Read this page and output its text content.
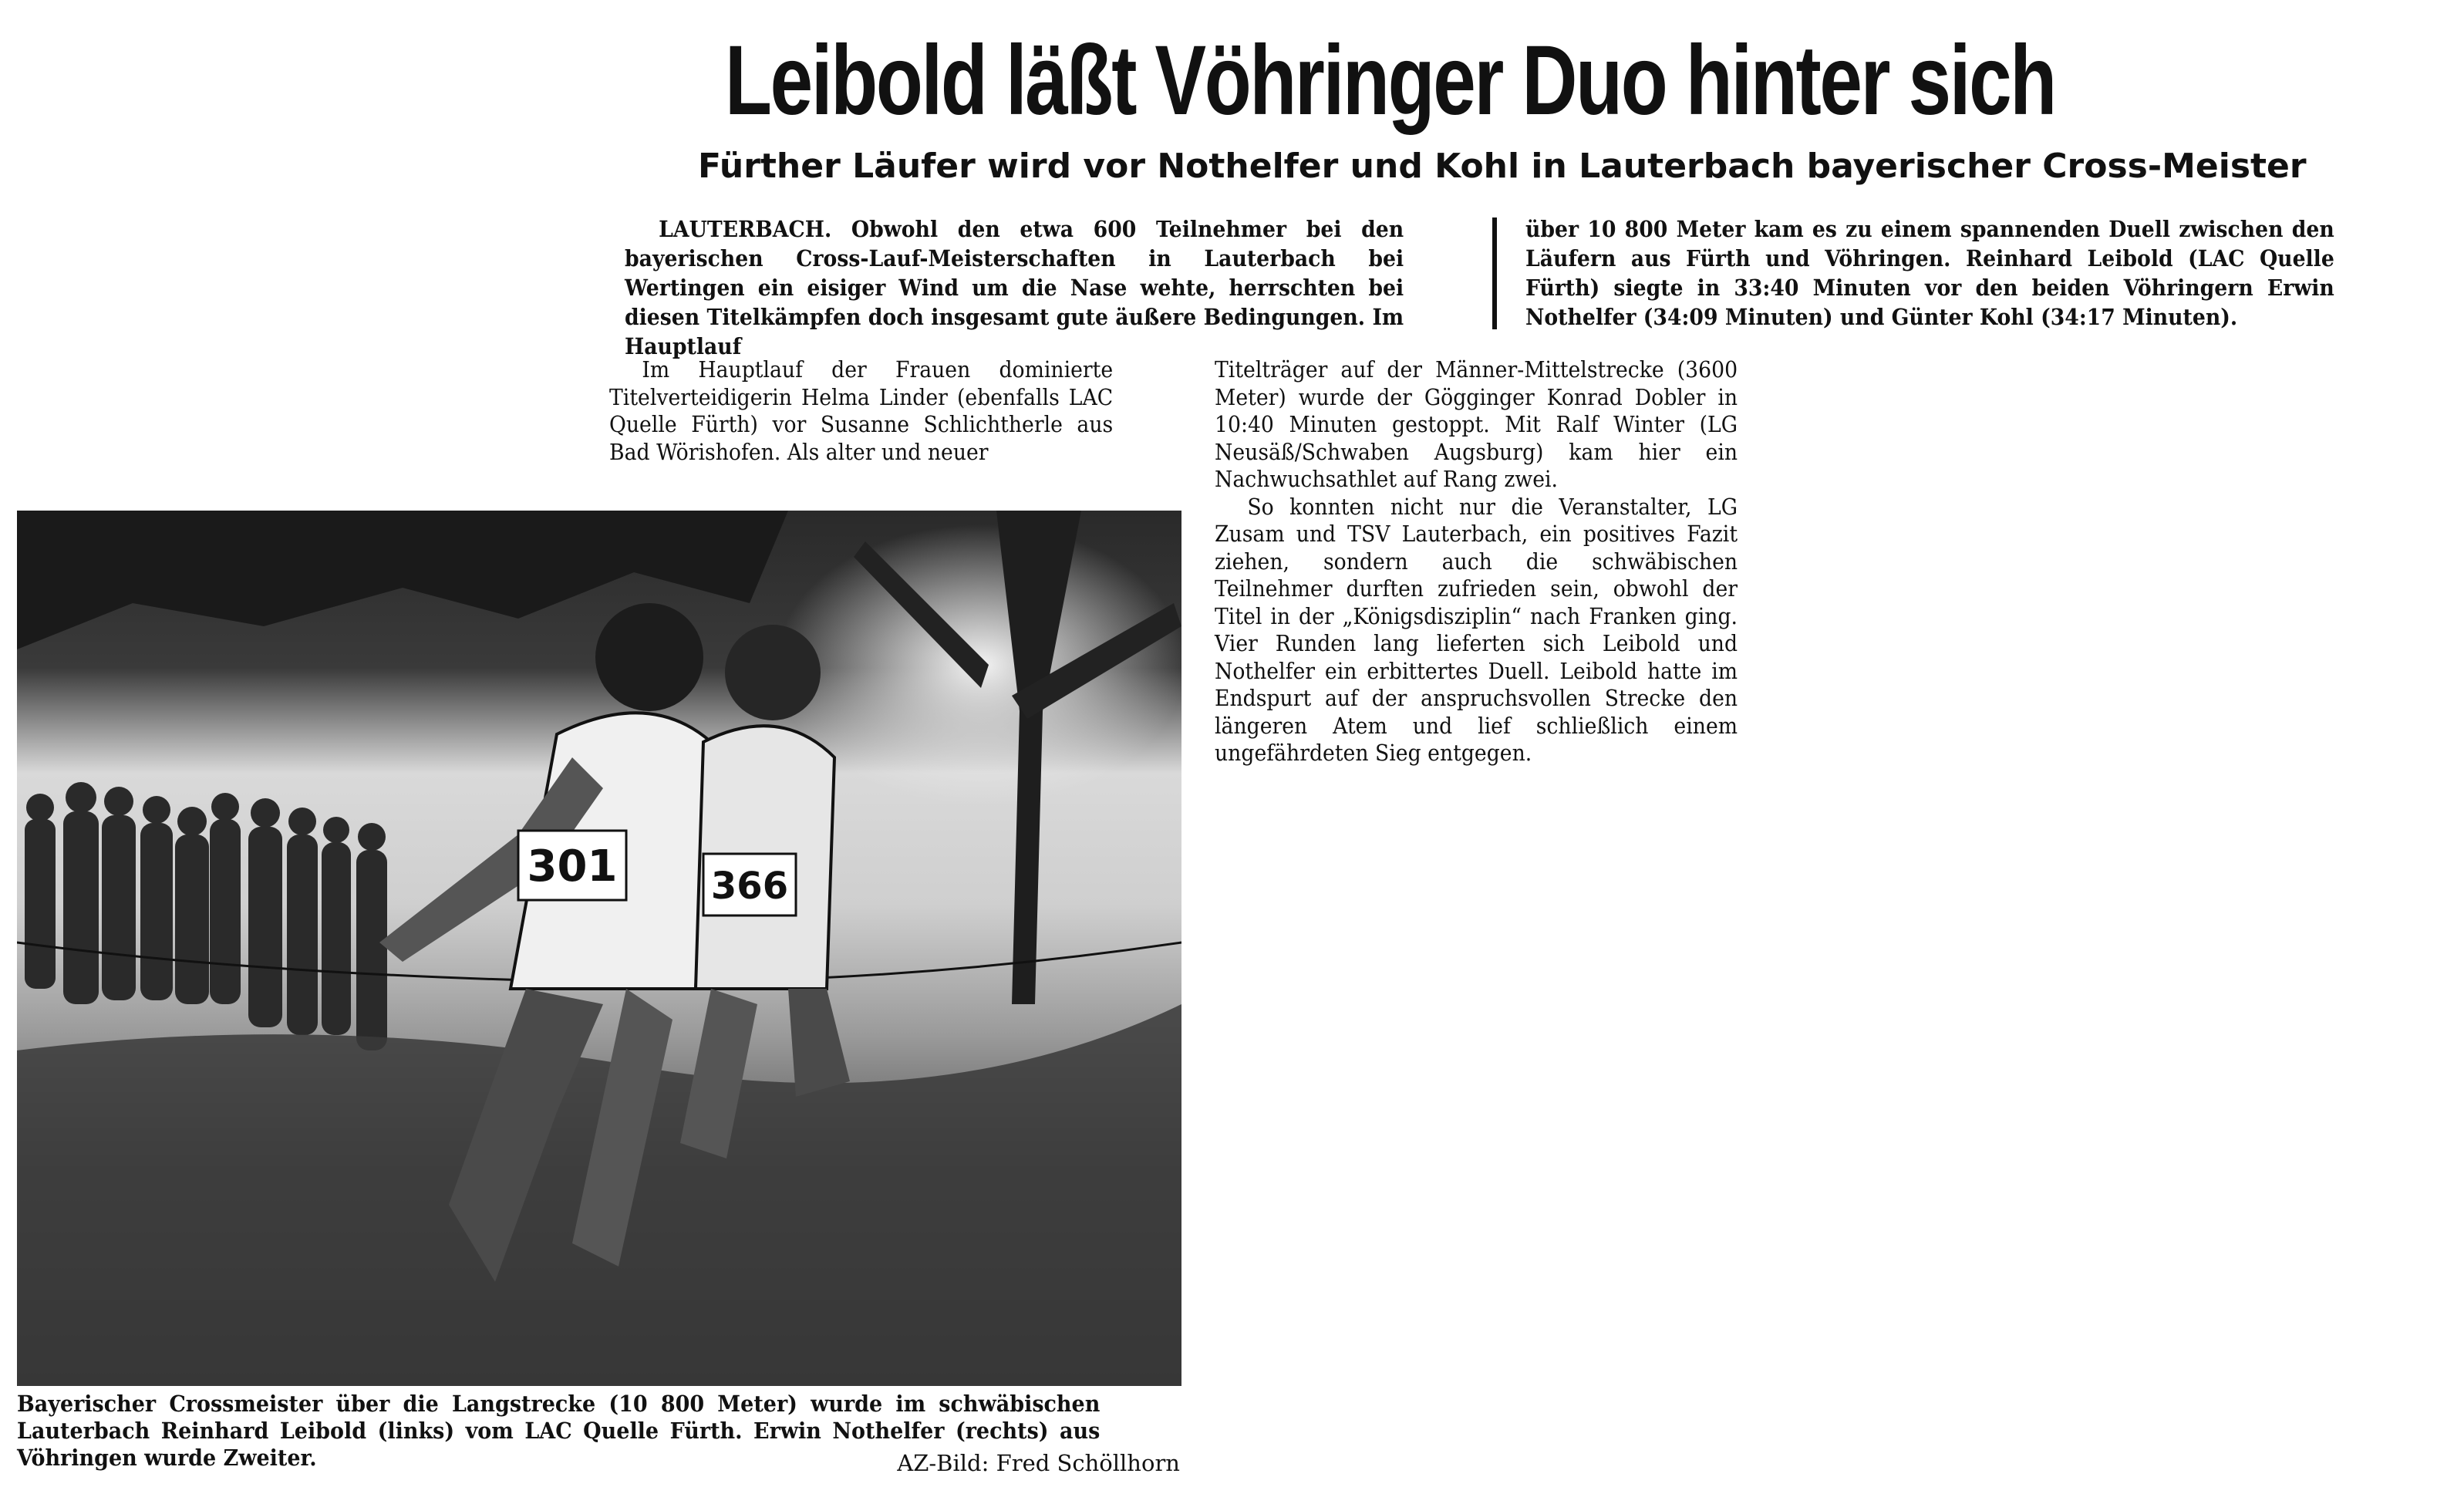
Leibold läßt Vöhringer Duo hinter sich
Fürther Läufer wird vor Nothelfer und Kohl in Lauterbach bayerischer Cross-Meister
LAUTERBACH. Obwohl den etwa 600 Teilnehmer bei den bayerischen Cross-Lauf-Meisterschaften in Lauterbach bei Wertingen ein eisiger Wind um die Nase wehte, herrschten bei diesen Titelkämpfen doch insgesamt gute äußere Bedingungen. Im Hauptlauf
über 10 800 Meter kam es zu einem spannenden Duell zwischen den Läufern aus Fürth und Vöhringen. Reinhard Leibold (LAC Quelle Fürth) siegte in 33:40 Minuten vor den beiden Vöhringern Erwin Nothelfer (34:09 Minuten) und Günter Kohl (34:17 Minuten).

Im Hauptlauf der Frauen dominierte Titelverteidigerin Helma Linder (ebenfalls LAC Quelle Fürth) vor Susanne Schlichtherle aus Bad Wörishofen. Als alter und neuer

Titelträger auf der Männer-Mittelstrecke (3600 Meter) wurde der Gögginger Konrad Dobler in 10:40 Minuten gestoppt. Mit Ralf Winter (LG Neusäß/Schwaben Augsburg) kam hier ein Nachwuchsathlet auf Rang zwei.

So konnten nicht nur die Veranstalter, LG Zusam und TSV Lauterbach, ein positives Fazit ziehen, sondern auch die schwäbischen Teilnehmer durften zufrieden sein, obwohl der Titel in der „Königsdisziplin“ nach Franken ging. Vier Runden lang lieferten sich Leibold und Nothelfer ein erbittertes Duell. Leibold hatte im Endspurt auf der anspruchsvollen Strecke den längeren Atem und lief schließlich einem ungefährdeten Sieg entgegen.

301	366
Bayerischer Crossmeister über die Langstrecke (10 800 Meter) wurde im schwäbischen Lauterbach Reinhard Leibold (links) vom LAC Quelle Fürth. Erwin Nothelfer (rechts) aus Vöhringen wurde Zweiter.	AZ-Bild: Fred Schöllhorn
